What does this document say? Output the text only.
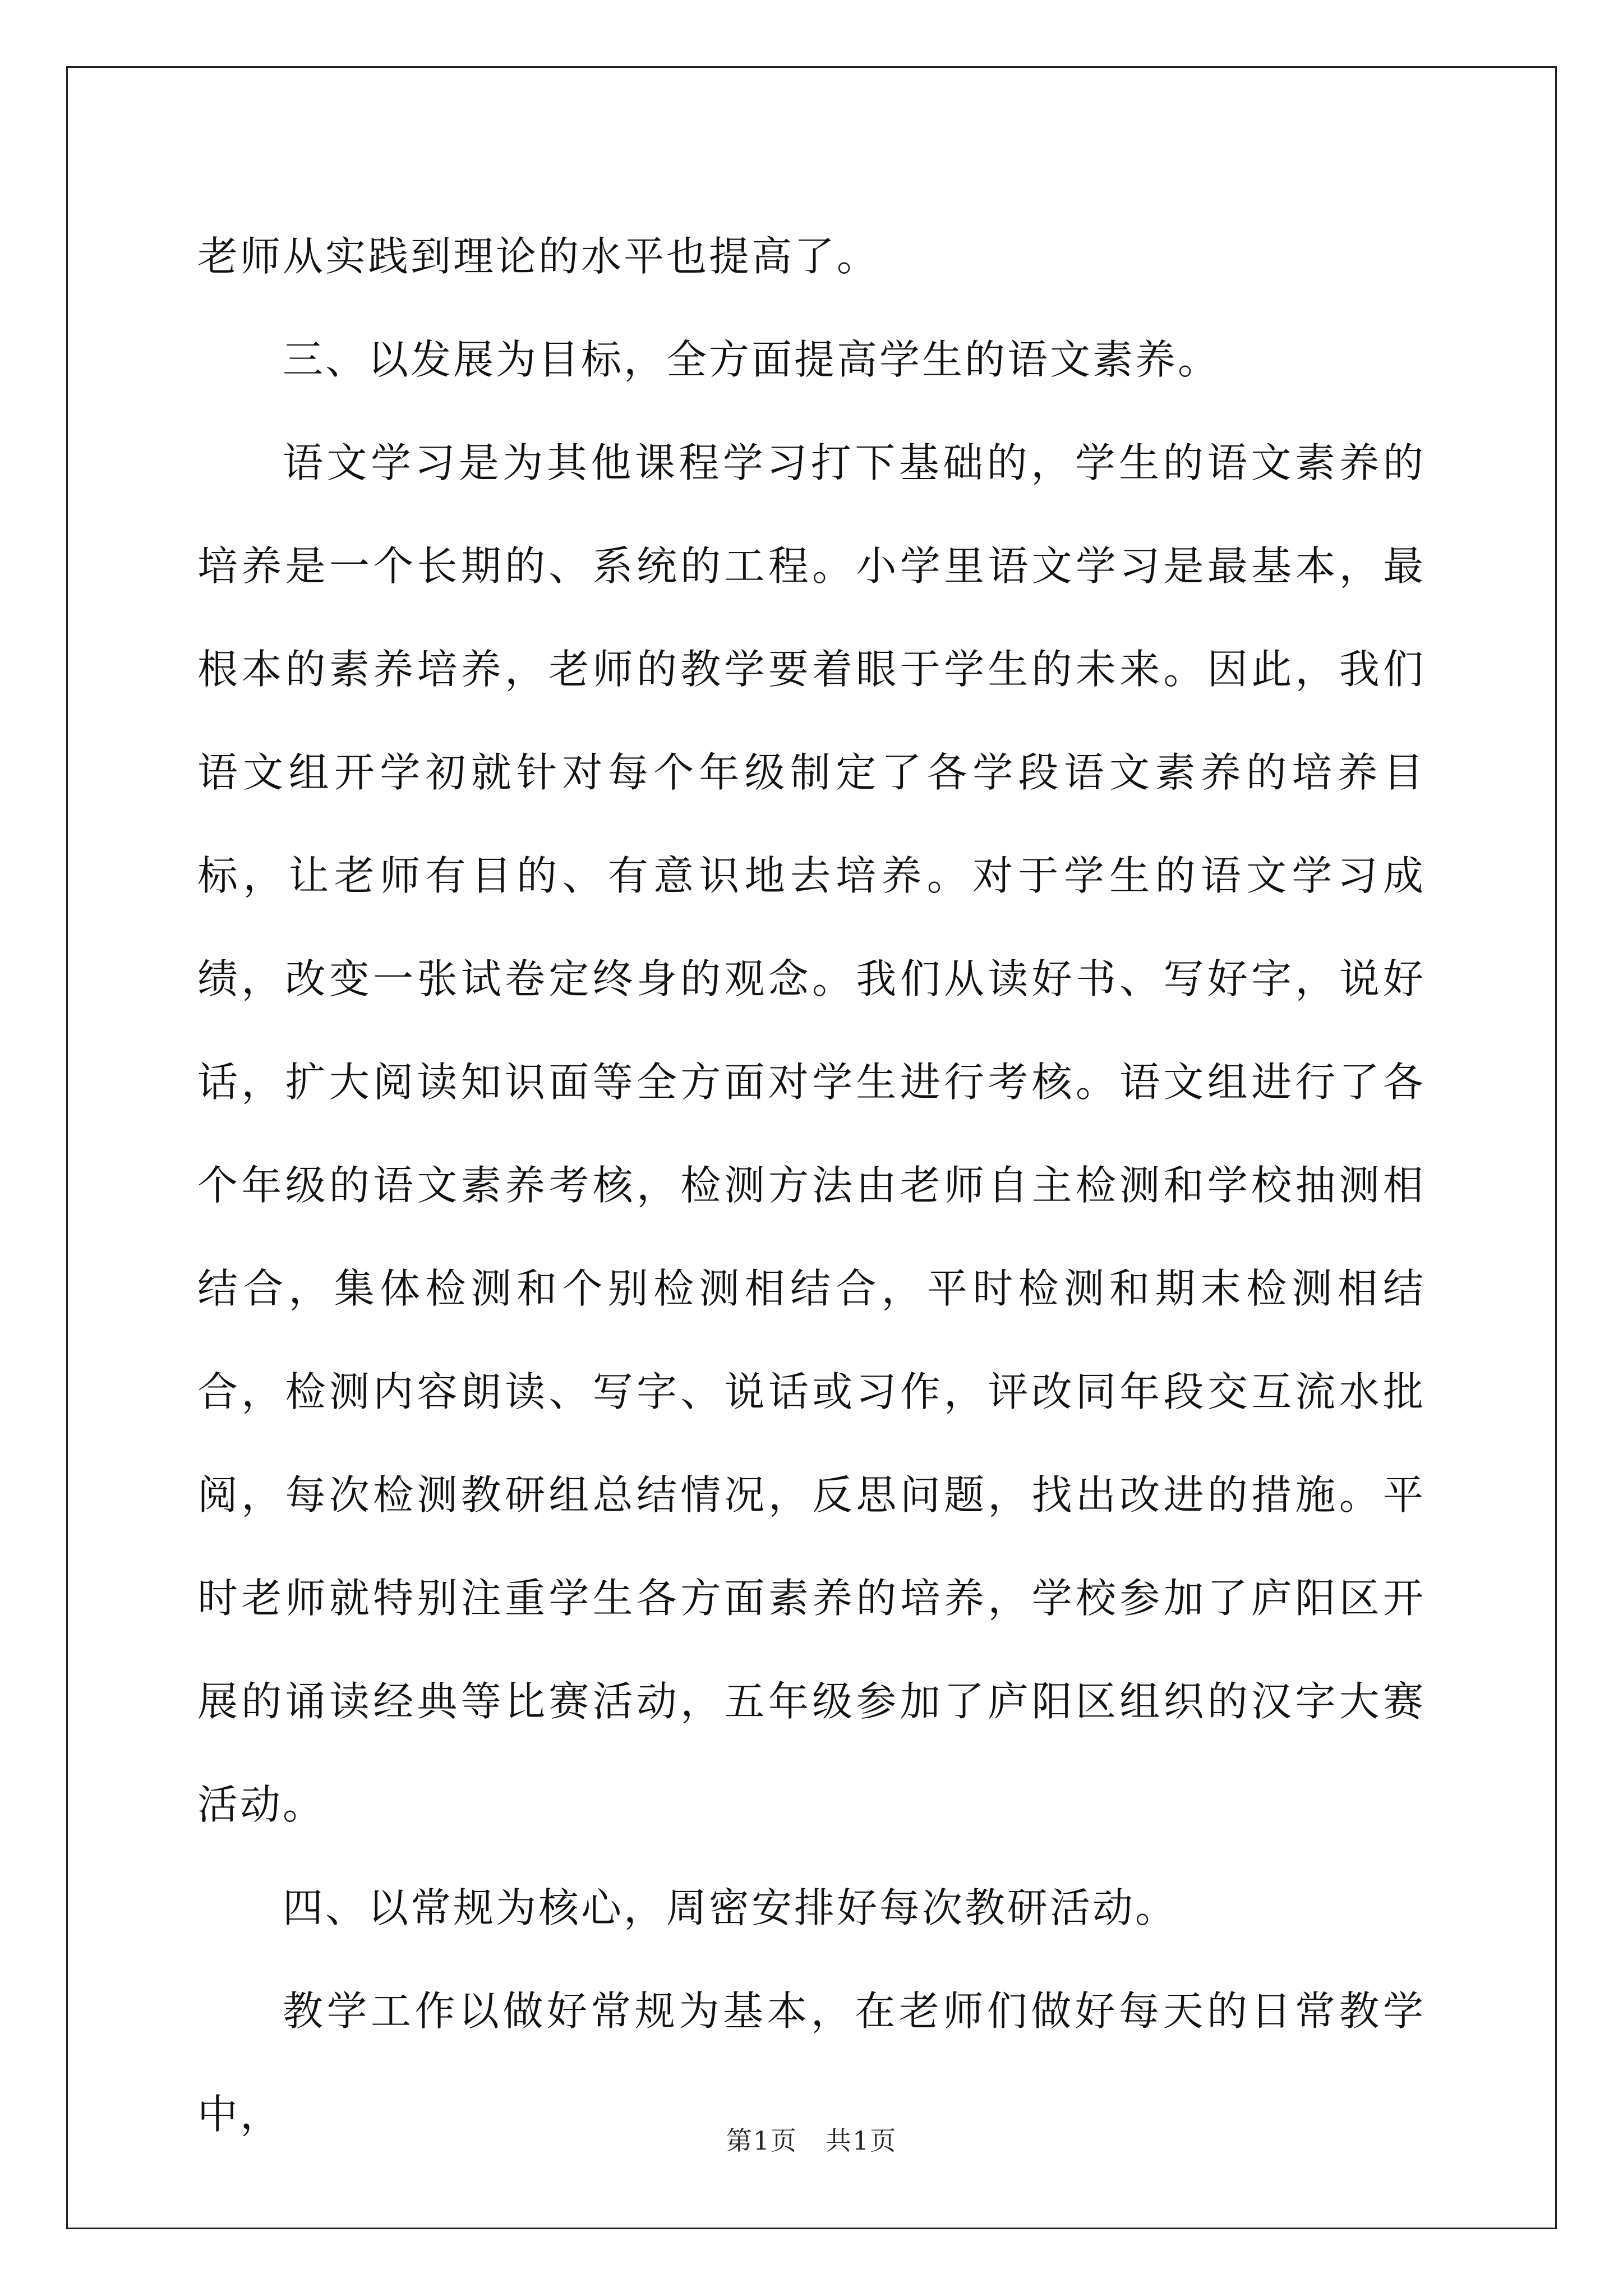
老师从实践到理论的水平也提高了。

三、以发展为目标，全方面提高学生的语文素养。

语文学习是为其他课程学习打下基础的，学生的语文素养的培养是一个长期的、系统的工程。小学里语文学习是最基本，最根本的素养培养，老师的教学要着眼于学生的未来。因此，我们语文组开学初就针对每个年级制定了各学段语文素养的培养目标，让老师有目的、有意识地去培养。对于学生的语文学习成绩，改变一张试卷定终身的观念。我们从读好书、写好字，说好话，扩大阅读知识面等全方面对学生进行考核。语文组进行了各个年级的语文素养考核，检测方法由老师自主检测和学校抽测相结合，集体检测和个别检测相结合，平时检测和期末检测相结合，检测内容朗读、写字、说话或习作，评改同年段交互流水批阅，每次检测教研组总结情况，反思问题，找出改进的措施。平时老师就特别注重学生各方面素养的培养，学校参加了庐阳区开展的诵读经典等比赛活动，五年级参加了庐阳区组织的汉字大赛活动。

四、以常规为核心，周密安排好每次教研活动。

教学工作以做好常规为基本，在老师们做好每天的日常教学中，

第1页 共1页
